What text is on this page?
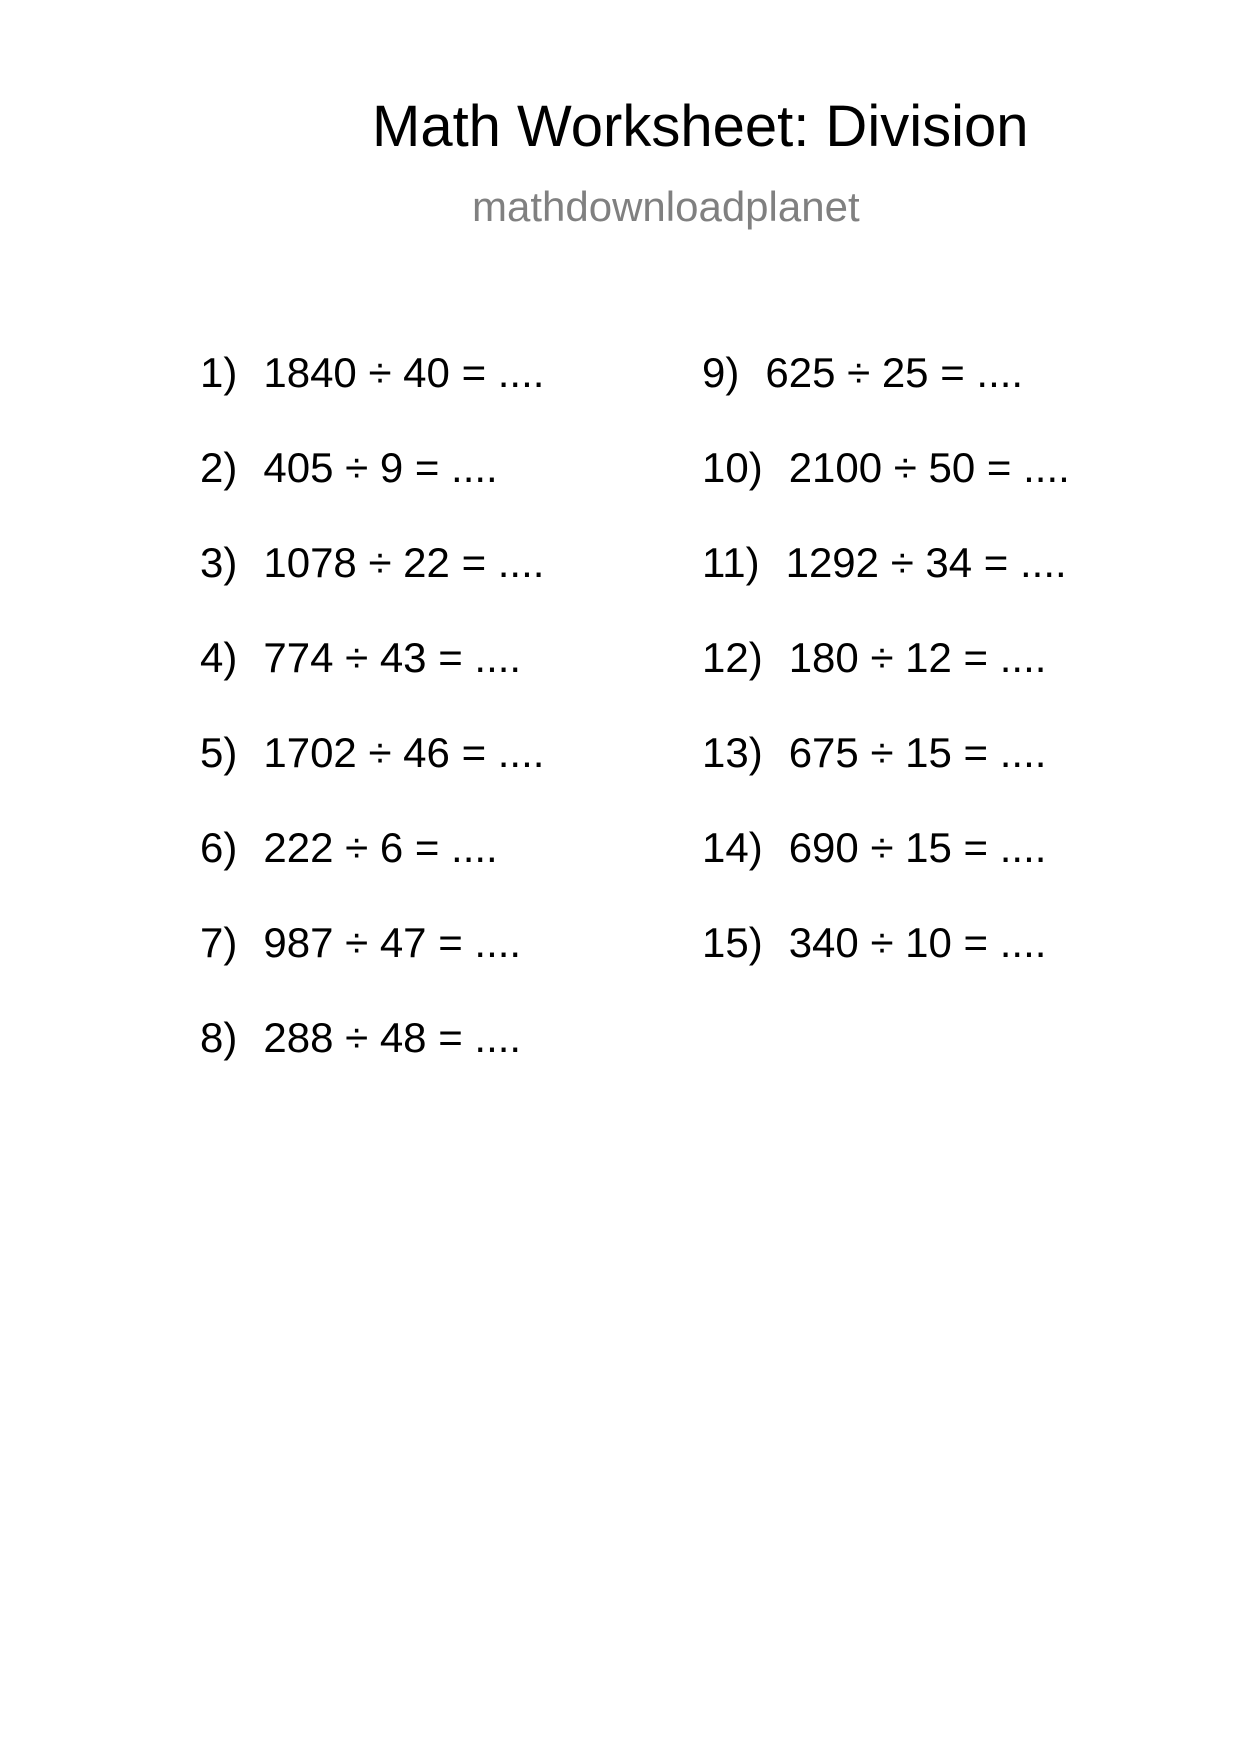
Math Worksheet: Division
mathdownloadplanet
1) 1840 ÷ 40 = ....
2) 405 ÷ 9 = ....
3) 1078 ÷ 22 = ....
4) 774 ÷ 43 = ....
5) 1702 ÷ 46 = ....
6) 222 ÷ 6 = ....
7) 987 ÷ 47 = ....
8) 288 ÷ 48 = ....
9) 625 ÷ 25 = ....
10) 2100 ÷ 50 = ....
11) 1292 ÷ 34 = ....
12) 180 ÷ 12 = ....
13) 675 ÷ 15 = ....
14) 690 ÷ 15 = ....
15) 340 ÷ 10 = ....
